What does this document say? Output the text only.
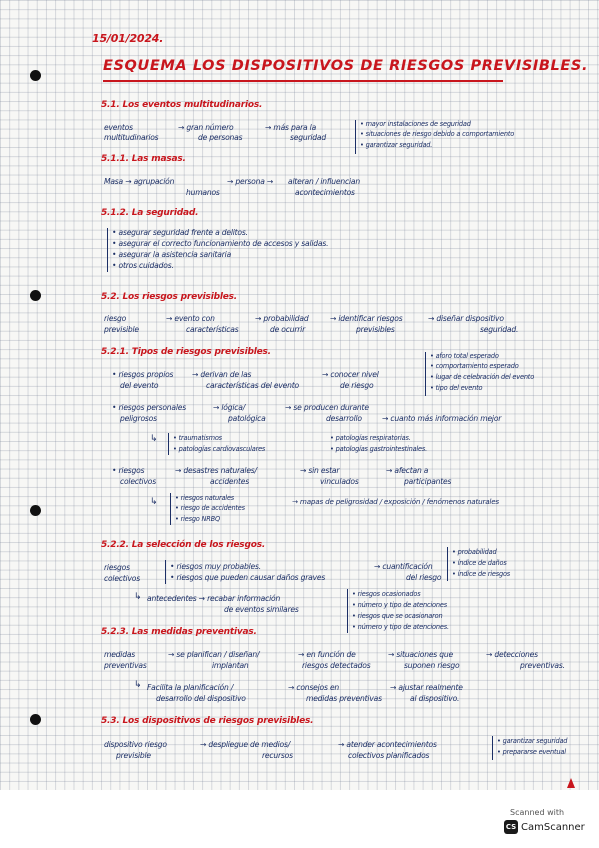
15/01/2024.
ESQUEMA LOS DISPOSITIVOS DE RIESGOS PREVISIBLES.
5.1. Los eventos multitudinarios.
eventos
multitudinarios
→ gran número
de personas
→ más para la
seguridad
• mayor instalaciones de seguridad
• situaciones de riesgo debido a comportamiento
• garantizar seguridad.
5.1.1. Las masas.
Masa → agrupación
humanos
→ persona → alteran / influencian
acontecimientos
5.1.2. La seguridad.
• asegurar seguridad frente a delitos.
• asegurar el correcto funcionamiento de accesos y salidas.
• asegurar la asistencia sanitaria
• otros cuidados.
5.2. Los riesgos previsibles.
riesgo
previsible
→ evento con
características
→ probabilidad
de ocurrir
→ identificar riesgos
previsibles
→ diseñar dispositivo
seguridad.
5.2.1. Tipos de riesgos previsibles.
• riesgos propios
del evento
→ derivan de las
características del evento
→ conocer nivel
de riesgo
• aforo total esperado
• comportamiento esperado
• lugar de celebración del evento
• tipo del evento
• riesgos personales
peligrosos
→ lógica/
patológica
→ se producen durante
desarrollo	→ cuanto más información mejor
↳ • traumatismos
• patologías cardiovasculares
• patologías respiratorias.
• patologías gastrointestinales.
• riesgos
colectivos
→ desastres naturales/
accidentes
→ sin estar
vinculados
→ afectan a
participantes
↳	• riesgos naturales
• riesgo de accidentes
• riesgo NRBQ
→ mapas de peligrosidad / exposición / fenómenos naturales
5.2.2. La selección de los riesgos.
riesgos
colectivos
• riesgos muy probables.
• riesgos que pueden causar daños graves
→ cuantificación
del riesgo
• probabilidad
• índice de daños
• índice de riesgos
↳ antecedentes → recabar información
de eventos similares
• riesgos ocasionados
• número y tipo de atenciones
• riesgos que se ocasionaron
• número y tipo de atenciones.
5.2.3. Las medidas preventivas.
medidas
preventivas
→ se planifican / diseñan/
implantan
→ en función de
riesgos detectados
→ situaciones que
suponen riesgo
→ detecciones
preventivas.
↳ Facilita la planificación /
desarrollo del dispositivo
→ consejos en
medidas preventivas
→ ajustar realmente
al dispositivo.
5.3. Los dispositivos de riesgos previsibles.
dispositivo riesgo
previsible
→ despliegue de medios/
recursos
→ atender acontecimientos
colectivos planificados
• garantizar seguridad
• prepararse eventual
Scanned with
CS CamScanner
